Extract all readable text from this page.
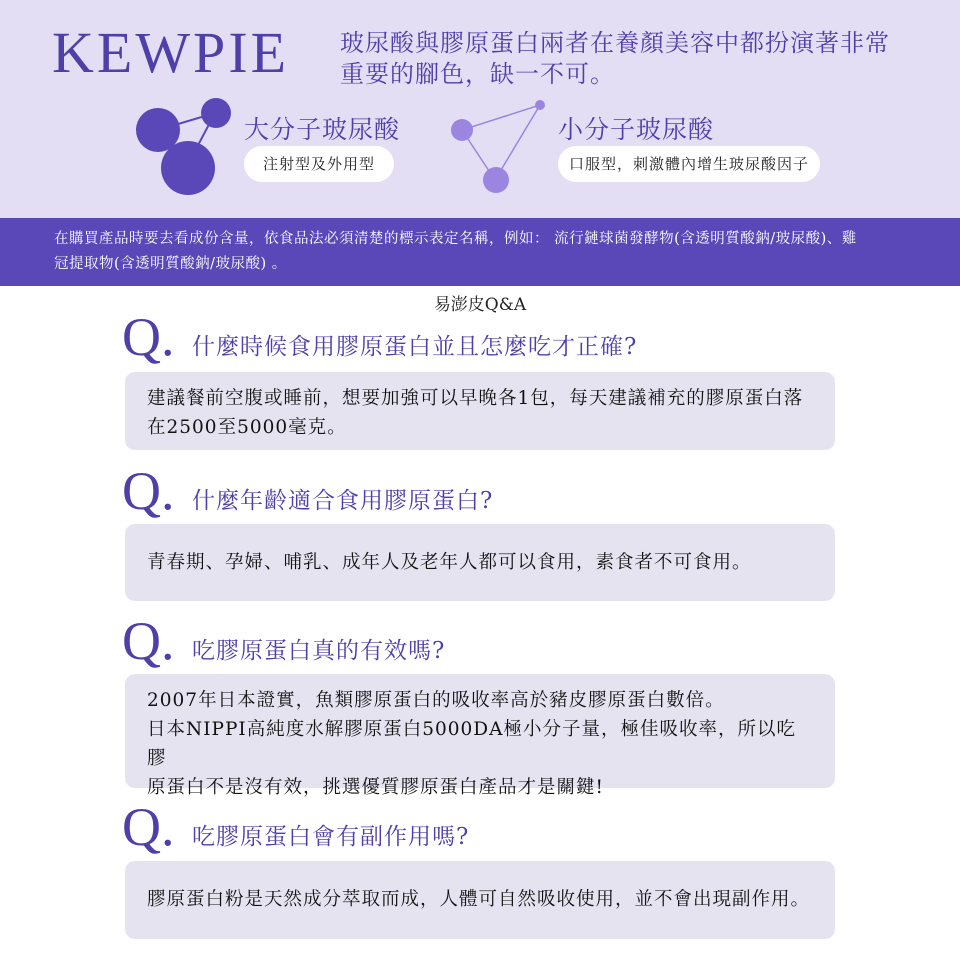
KEWPIE 玻尿酸與膠原蛋白兩者在養顏美容中都扮演著非常
重要的腳色，缺一不可。
大分子玻尿酸
注射型及外用型
小分子玻尿酸
口服型，刺激體內增生玻尿酸因子
在購買產品時要去看成份含量，依食品法必須清楚的標示表定名稱，例如： 流行鏈球菌發酵物(含透明質酸鈉/玻尿酸)、雞
冠提取物(含透明質酸鈉/玻尿酸) 。
易澎皮Q&A
Q. 什麼時候食用膠原蛋白並且怎麼吃才正確?
建議餐前空腹或睡前，想要加強可以早晚各1包，每天建議補充的膠原蛋白落
在2500至5000毫克。
Q. 什麼年齡適合食用膠原蛋白?
青春期、孕婦、哺乳、成年人及老年人都可以食用，素食者不可食用。
Q. 吃膠原蛋白真的有效嗎?
2007年日本證實，魚類膠原蛋白的吸收率高於豬皮膠原蛋白數倍。
日本NIPPI高純度水解膠原蛋白5000DA極小分子量，極佳吸收率，所以吃膠
原蛋白不是沒有效，挑選優質膠原蛋白產品才是關鍵!
Q. 吃膠原蛋白會有副作用嗎?
膠原蛋白粉是天然成分萃取而成，人體可自然吸收使用，並不會出現副作用。
